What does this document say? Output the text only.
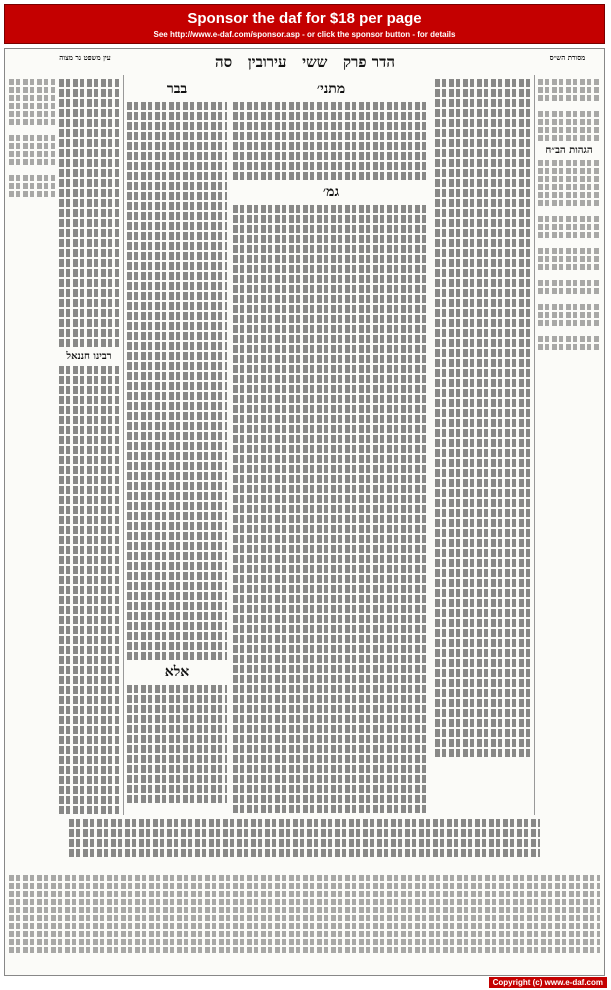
Sponsor the daf for $18 per page
See http://www.e-daf.com/sponsor.asp - or click the sponsor button - for details
עין משפט נר מצוה	הדר פרק   ששי   עירובין   סה	מסורת הש״ס
רבינו חננאל
בבר
אלא
מתני׳
גמ׳
הגהות הב״ח
Copyright (c) www.e-daf.com
